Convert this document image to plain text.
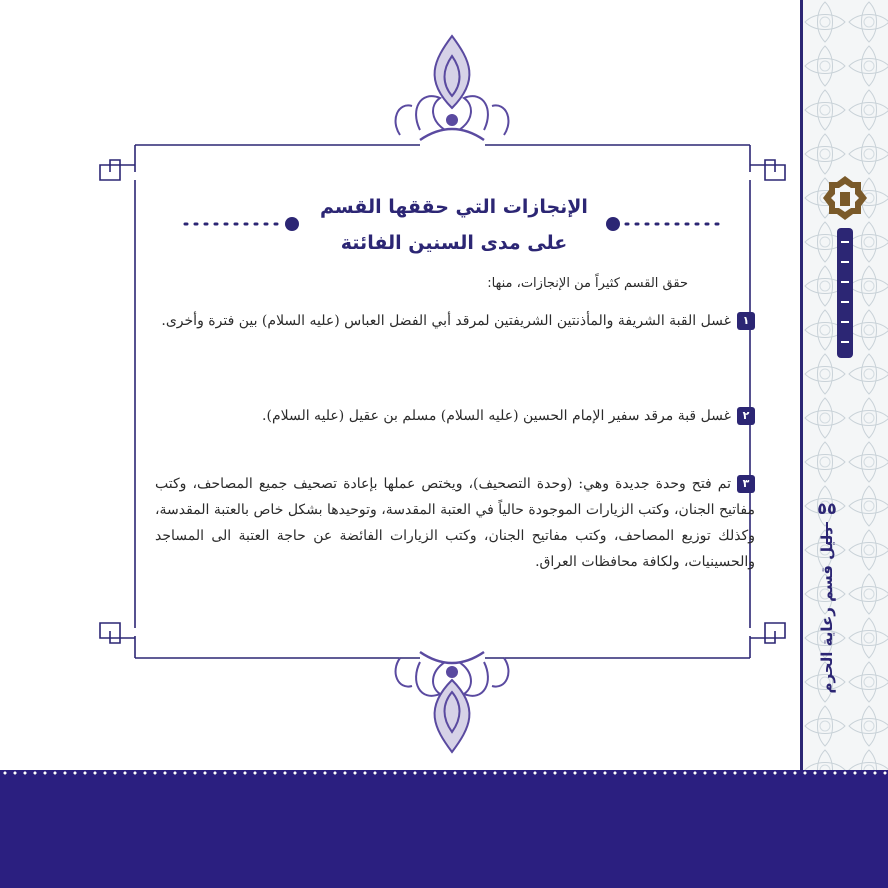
٥٥
دليل قسم رعاية الحرم
الإنجازات التي حققها القسم
على مدى السنين الفائتة
حقق القسم كثيراً من الإنجازات، منها:
١غسل القبة الشريفة والمأذنتين الشريفتين لمرقد أبي الفضل العباس (عليه السلام) بين فترة وأخرى.
٢غسل قبة مرقد سفير الإمام الحسين (عليه السلام) مسلم بن عقيل (عليه السلام).
٣تم فتح وحدة جديدة وهي: (وحدة التصحيف)، ويختص عملها بإعادة تصحيف جميع المصاحف، وكتب مفاتيح الجنان، وكتب الزيارات الموجودة حالياً في العتبة المقدسة، وتوحيدها بشكل خاص بالعتبة المقدسة، وكذلك توزيع المصاحف، وكتب مفاتيح الجنان، وكتب الزيارات الفائضة عن حاجة العتبة الى المساجد والحسينيات، ولكافة محافظات العراق.
